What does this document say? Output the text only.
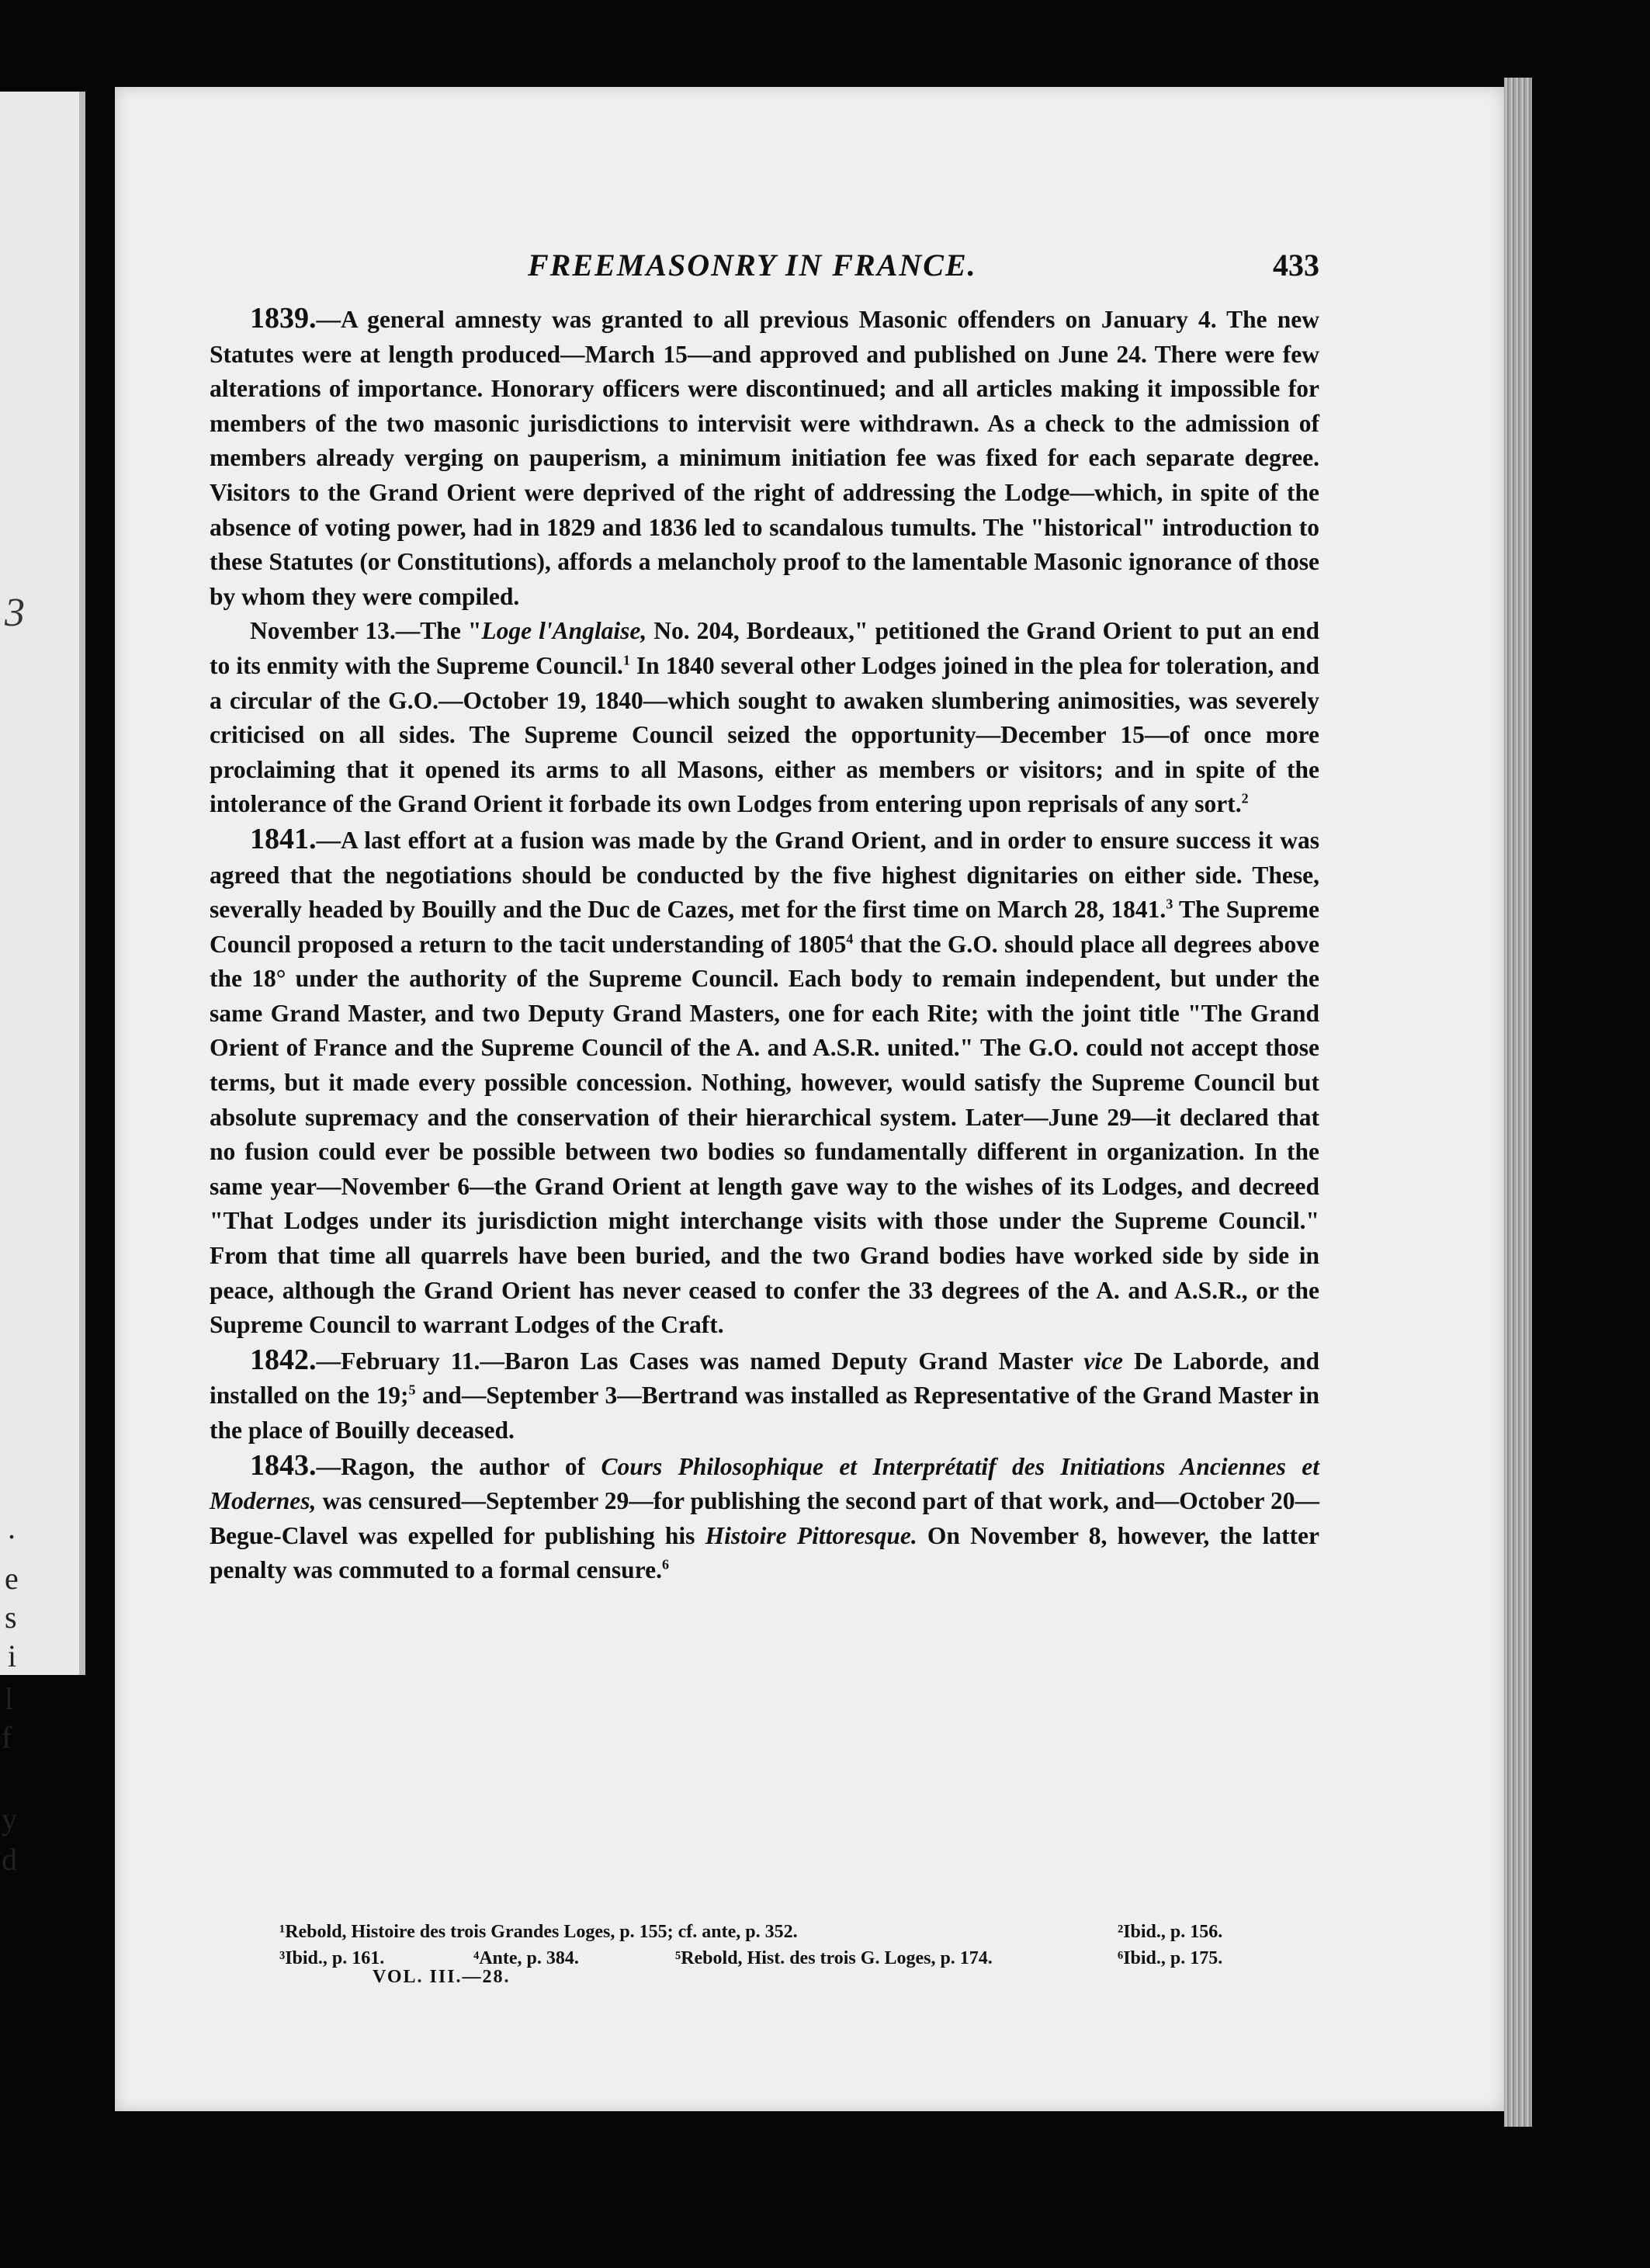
3
.
e
s
i
l
f
y
d
FREEMASONRY IN FRANCE.	433

1839.—A general amnesty was granted to all previous Masonic offenders on January 4. The new Statutes were at length produced—March 15—and approved and published on June 24. There were few alterations of importance. Honorary officers were discontinued; and all articles making it impossible for members of the two masonic jurisdictions to intervisit were withdrawn. As a check to the admission of members already verging on pauperism, a minimum initiation fee was fixed for each separate degree. Visitors to the Grand Orient were deprived of the right of addressing the Lodge—which, in spite of the absence of voting power, had in 1829 and 1836 led to scandalous tumults. The "historical" introduction to these Statutes (or Constitutions), affords a melancholy proof to the lamentable Masonic ignorance of those by whom they were compiled.

November 13.—The "Loge l'Anglaise, No. 204, Bordeaux," petitioned the Grand Orient to put an end to its enmity with the Supreme Council.$^1$ In 1840 several other Lodges joined in the plea for toleration, and a circular of the G.O.—October 19, 1840—which sought to awaken slumbering animosities, was severely criticised on all sides. The Supreme Council seized the opportunity—December 15—of once more proclaiming that it opened its arms to all Masons, either as members or visitors; and in spite of the intolerance of the Grand Orient it forbade its own Lodges from entering upon reprisals of any sort.$^2$

1841.—A last effort at a fusion was made by the Grand Orient, and in order to ensure success it was agreed that the negotiations should be conducted by the five highest dignitaries on either side. These, severally headed by Bouilly and the Duc de Cazes, met for the first time on March 28, 1841.$^3$ The Supreme Council proposed a return to the tacit understanding of 1805$^4$ that the G.O. should place all degrees above the 18° under the authority of the Supreme Council. Each body to remain independent, but under the same Grand Master, and two Deputy Grand Masters, one for each Rite; with the joint title "The Grand Orient of France and the Supreme Council of the A. and A.S.R. united." The G.O. could not accept those terms, but it made every possible concession. Nothing, however, would satisfy the Supreme Council but absolute supremacy and the conservation of their hierarchical system. Later—June 29—it declared that no fusion could ever be possible between two bodies so fundamentally different in organization. In the same year—November 6—the Grand Orient at length gave way to the wishes of its Lodges, and decreed "That Lodges under its jurisdiction might interchange visits with those under the Supreme Council." From that time all quarrels have been buried, and the two Grand bodies have worked side by side in peace, although the Grand Orient has never ceased to confer the 33 degrees of the A. and A.S.R., or the Supreme Council to warrant Lodges of the Craft.

1842.—February 11.—Baron Las Cases was named Deputy Grand Master vice De Laborde, and installed on the 19;$^5$ and—September 3—Bertrand was installed as Representative of the Grand Master in the place of Bouilly deceased.

1843.—Ragon, the author of Cours Philosophique et Interprétatif des Initiations Anciennes et Modernes, was censured—September 29—for publishing the second part of that work, and—October 20—Begue-Clavel was expelled for publishing his Histoire Pittoresque. On November 8, however, the latter penalty was commuted to a formal censure.$^6$

¹Rebold, Histoire des trois Grandes Loges, p. 155; cf. ante, p. 352.	²Ibid., p. 156.
³Ibid., p. 161.	⁴Ante, p. 384.	⁵Rebold, Hist. des trois G. Loges, p. 174.	⁶Ibid., p. 175.
VOL. III.—28.
